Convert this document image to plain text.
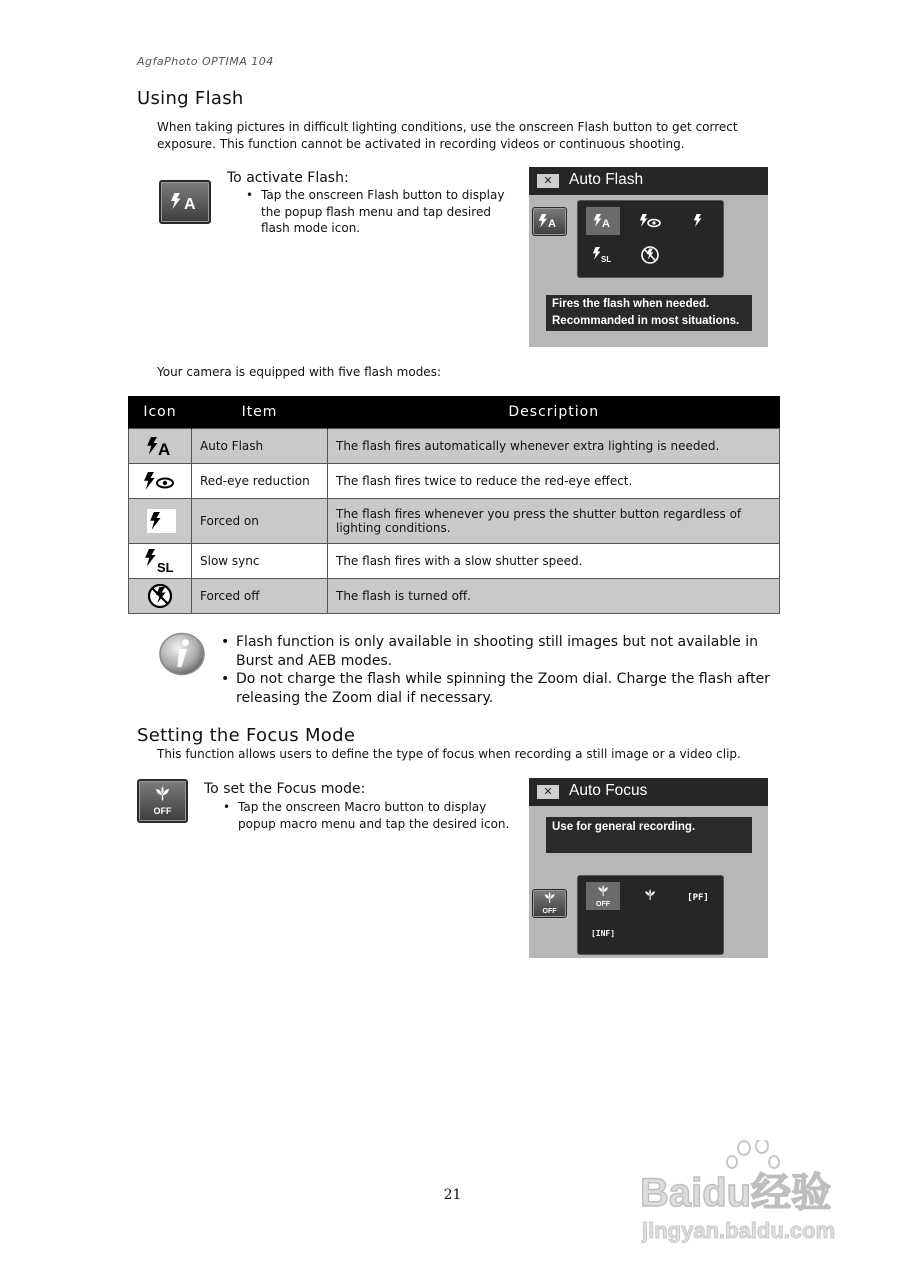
AgfaPhoto OPTIMA 104
Using Flash
When taking pictures in difficult lighting conditions, use the onscreen Flash button to get correct exposure. This function cannot be activated in recording videos or continuous shooting.
A
To activate Flash:
• Tap the onscreen Flash button to display the popup flash menu and tap desired flash mode icon.
✕	Auto Flash
A	A
SL
Fires the flash when needed.
Recommanded in most situations.
Your camera is equipped with five flash modes:
Icon	Item	Description

A	Auto Flash	The flash fires automatically whenever extra lighting is needed.
	Red-eye reduction	The flash fires twice to reduce the red-eye effect.
	Forced on	The flash fires whenever you press the shutter button regardless of lighting conditions.

SL	Slow sync	The flash fires with a slow shutter speed.
	Forced off	The flash is turned off.
• Flash function is only available in shooting still images but not available in Burst and AEB modes.
• Do not charge the flash while spinning the Zoom dial. Charge the flash after releasing the Zoom dial if necessary.
Setting the Focus Mode
This function allows users to define the type of focus when recording a still image or a video clip.
OFF
To set the Focus mode:
• Tap the onscreen Macro button to display popup macro menu and tap the desired icon.
✕	Auto Focus
Use for general recording.
OFF
OFF
[PF]
[INF]
21	Baidu经验
jingyan.baidu.com
